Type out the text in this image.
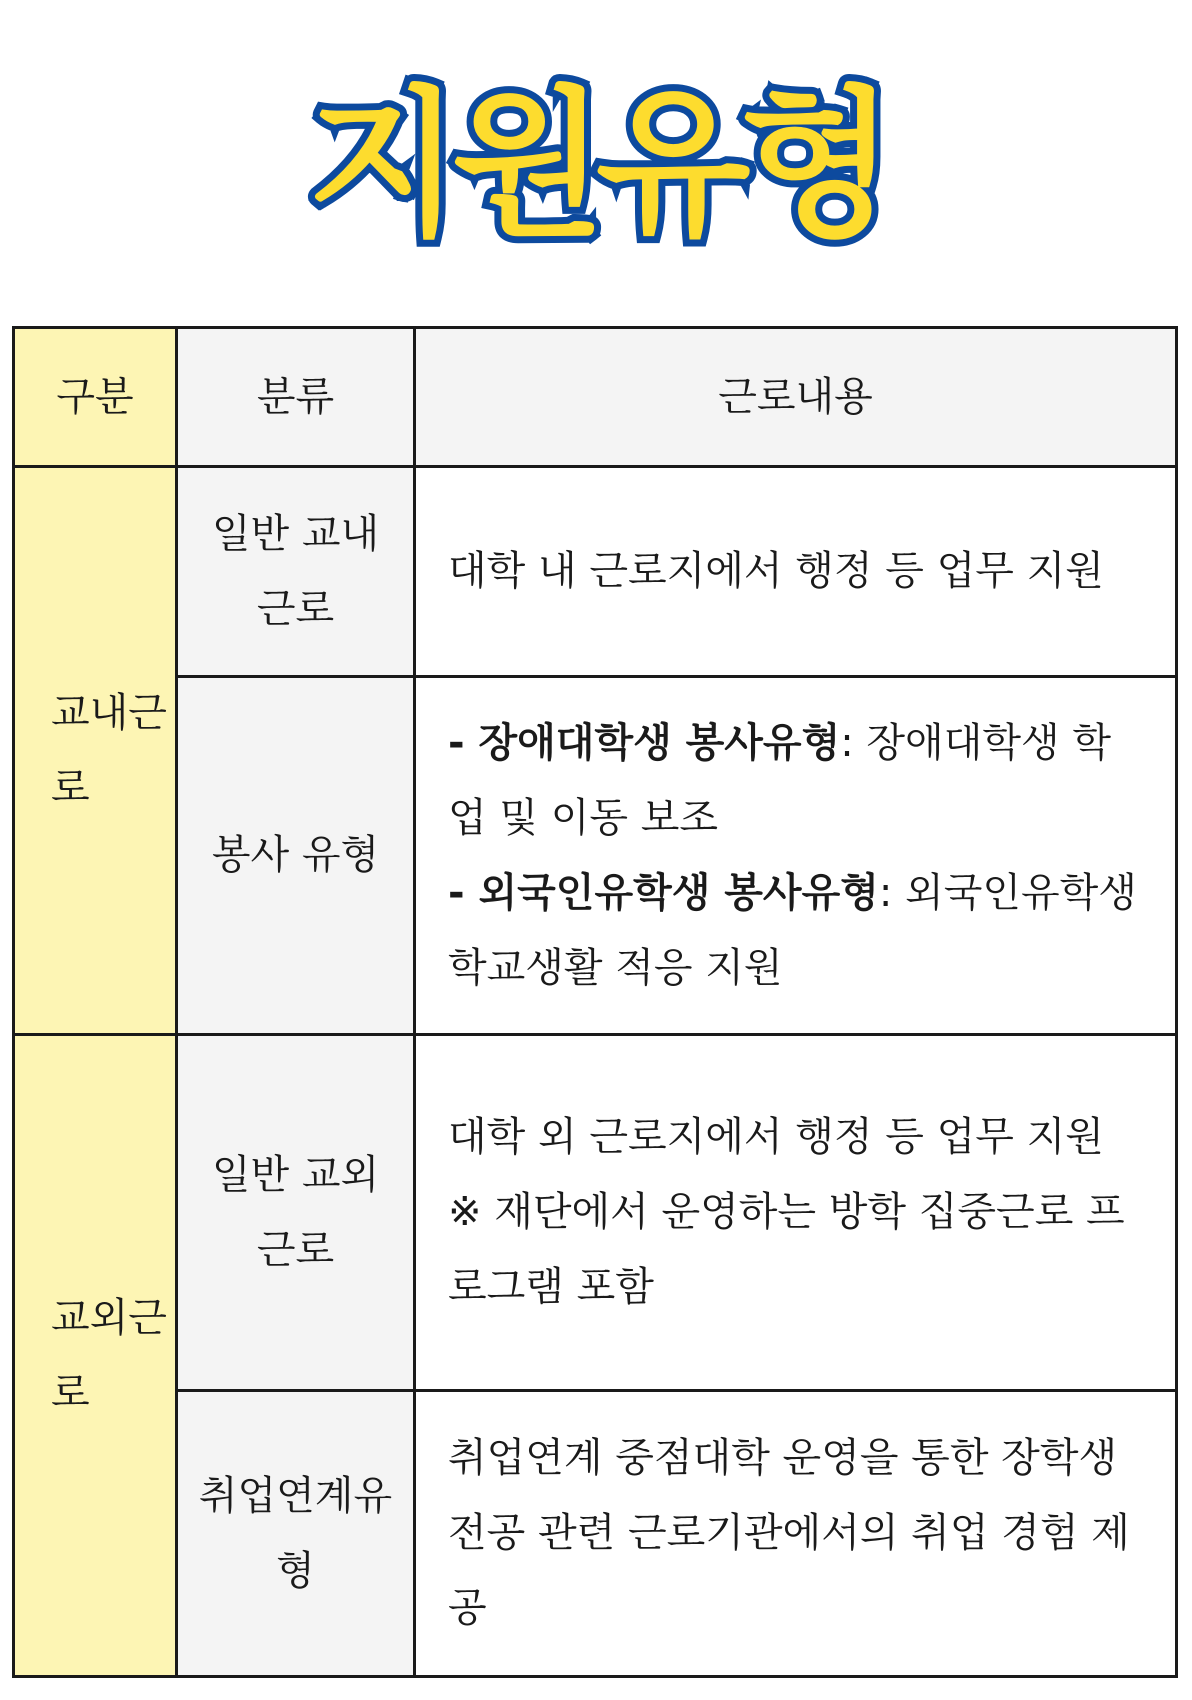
지원유형
구분	분류	근로내용
교내근로	일반 교내근로	대학 내 근로지에서 행정 등 업무 지원
	봉사 유형	- 장애대학생 봉사유형: 장애대학생 학업 및 이동 보조
- 외국인유학생 봉사유형: 외국인유학생 학교생활 적응 지원

교외근로	일반 교외근로	대학 외 근로지에서 행정 등 업무 지원
※ 재단에서 운영하는 방학 집중근로 프로그램 포함

	취업연계유형	취업연계 중점대학 운영을 통한 장학생 전공 관련 근로기관에서의 취업 경험 제공
